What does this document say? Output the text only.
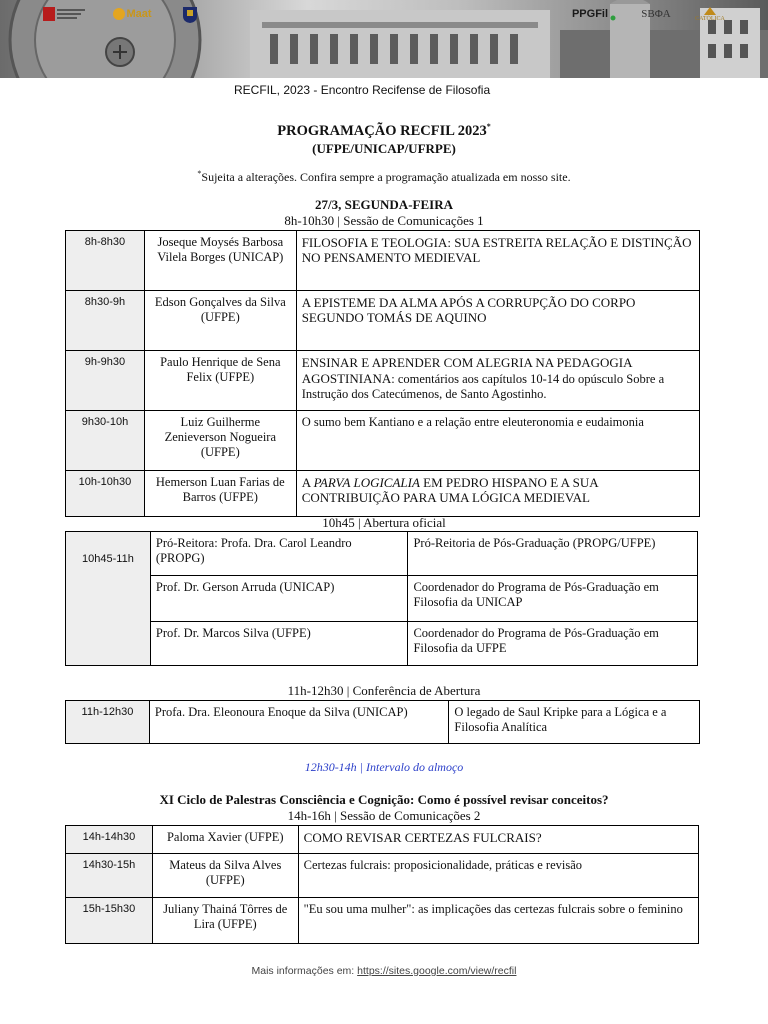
Maat
RECFIL, 2023 - Encontro Recifense de Filosofia
PPGFil	SBΦA	CATÓLICA
PROGRAMAÇÃO RECFIL 2023*
(UFPE/UNICAP/UFRPE)
*Sujeita a alterações. Confira sempre a programação atualizada em nosso site.
27/3, SEGUNDA-FEIRA
8h-10h30 | Sessão de Comunicações 1
8h-8h30	Joseque Moysés Barbosa Vilela Borges (UNICAP)	FILOSOFIA E TEOLOGIA: SUA ESTREITA RELAÇÃO E DISTINÇÃO NO PENSAMENTO MEDIEVAL
8h30-9h	Edson Gonçalves da Silva (UFPE)	A EPISTEME DA ALMA APÓS A CORRUPÇÃO DO CORPO SEGUNDO TOMÁS DE AQUINO
9h-9h30	Paulo Henrique de Sena Felix (UFPE)	ENSINAR E APRENDER COM ALEGRIA NA PEDAGOGIA AGOSTINIANA: comentários aos capítulos 10-14 do opúsculo Sobre a Instrução dos Catecúmenos, de Santo Agostinho.
9h30-10h	Luiz Guilherme Zenieverson Nogueira (UFPE)	O sumo bem Kantiano e a relação entre eleuteronomia e eudaimonia
10h-10h30	Hemerson Luan Farias de Barros (UFPE)	A PARVA LOGICALIA EM PEDRO HISPANO E A SUA CONTRIBUIÇÃO PARA UMA LÓGICA MEDIEVAL
10h45 | Abertura oficial
10h45-11h	Pró-Reitora: Profa. Dra. Carol Leandro (PROPG)	Pró-Reitoria de Pós-Graduação (PROPG/UFPE)
	Prof. Dr. Gerson Arruda (UNICAP)	Coordenador do Programa de Pós-Graduação em Filosofia da UNICAP
	Prof. Dr. Marcos Silva (UFPE)	Coordenador do Programa de Pós-Graduação em Filosofia da UFPE
11h-12h30 | Conferência de Abertura
11h-12h30	Profa. Dra. Eleonoura Enoque da Silva (UNICAP)	O legado de Saul Kripke para a Lógica e a Filosofia Analítica
12h30-14h | Intervalo do almoço
XI Ciclo de Palestras Consciência e Cognição: Como é possível revisar conceitos?
14h-16h | Sessão de Comunicações 2
14h-14h30	Paloma Xavier (UFPE)	COMO REVISAR CERTEZAS FULCRAIS?
14h30-15h	Mateus da Silva Alves (UFPE)	Certezas fulcrais: proposicionalidade, práticas e revisão
15h-15h30	Juliany Thainá Tôrres de Lira (UFPE)	"Eu sou uma mulher": as implicações das certezas fulcrais sobre o feminino
Mais informações em: https://sites.google.com/view/recfil
